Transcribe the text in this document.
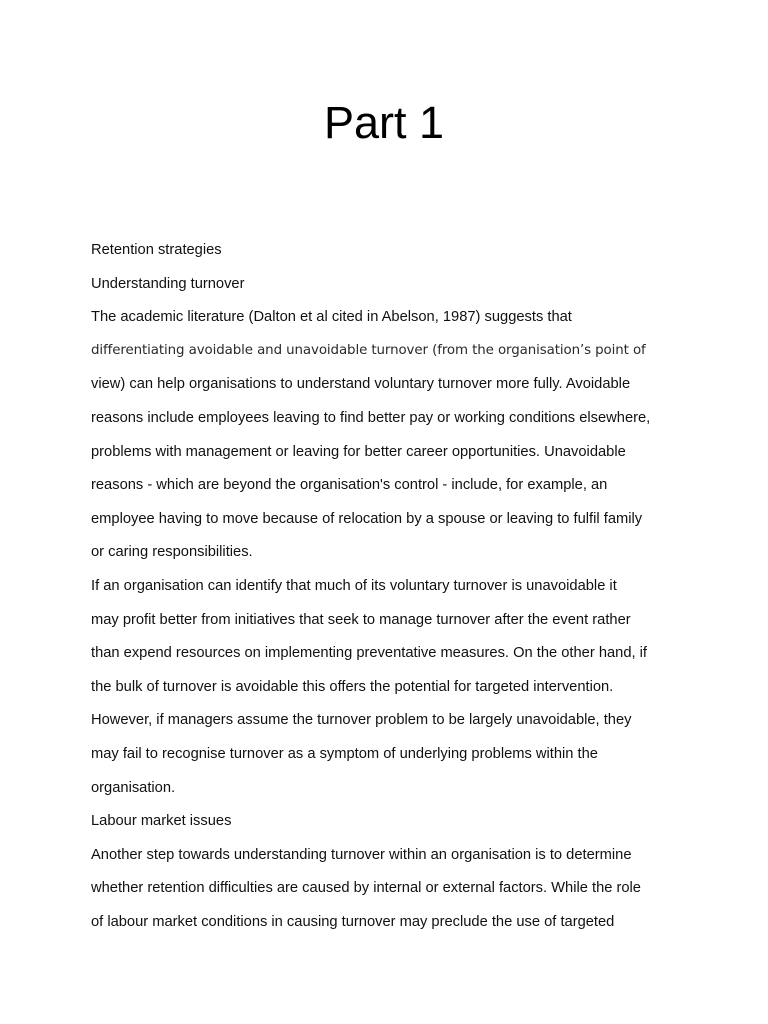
Part 1
Retention strategies
Understanding turnover
The academic literature (Dalton et al cited in Abelson, 1987) suggests that
differentiating avoidable and unavoidable turnover (from the organisation’s point of
view) can help organisations to understand voluntary turnover more fully. Avoidable
reasons include employees leaving to find better pay or working conditions elsewhere,
problems with management or leaving for better career opportunities. Unavoidable
reasons - which are beyond the organisation's control - include, for example, an
employee having to move because of relocation by a spouse or leaving to fulfil family
or caring responsibilities.
If an organisation can identify that much of its voluntary turnover is unavoidable it
may profit better from initiatives that seek to manage turnover after the event rather
than expend resources on implementing preventative measures. On the other hand, if
the bulk of turnover is avoidable this offers the potential for targeted intervention.
However, if managers assume the turnover problem to be largely unavoidable, they
may fail to recognise turnover as a symptom of underlying problems within the
organisation.
Labour market issues
Another step towards understanding turnover within an organisation is to determine
whether retention difficulties are caused by internal or external factors. While the role
of labour market conditions in causing turnover may preclude the use of targeted
